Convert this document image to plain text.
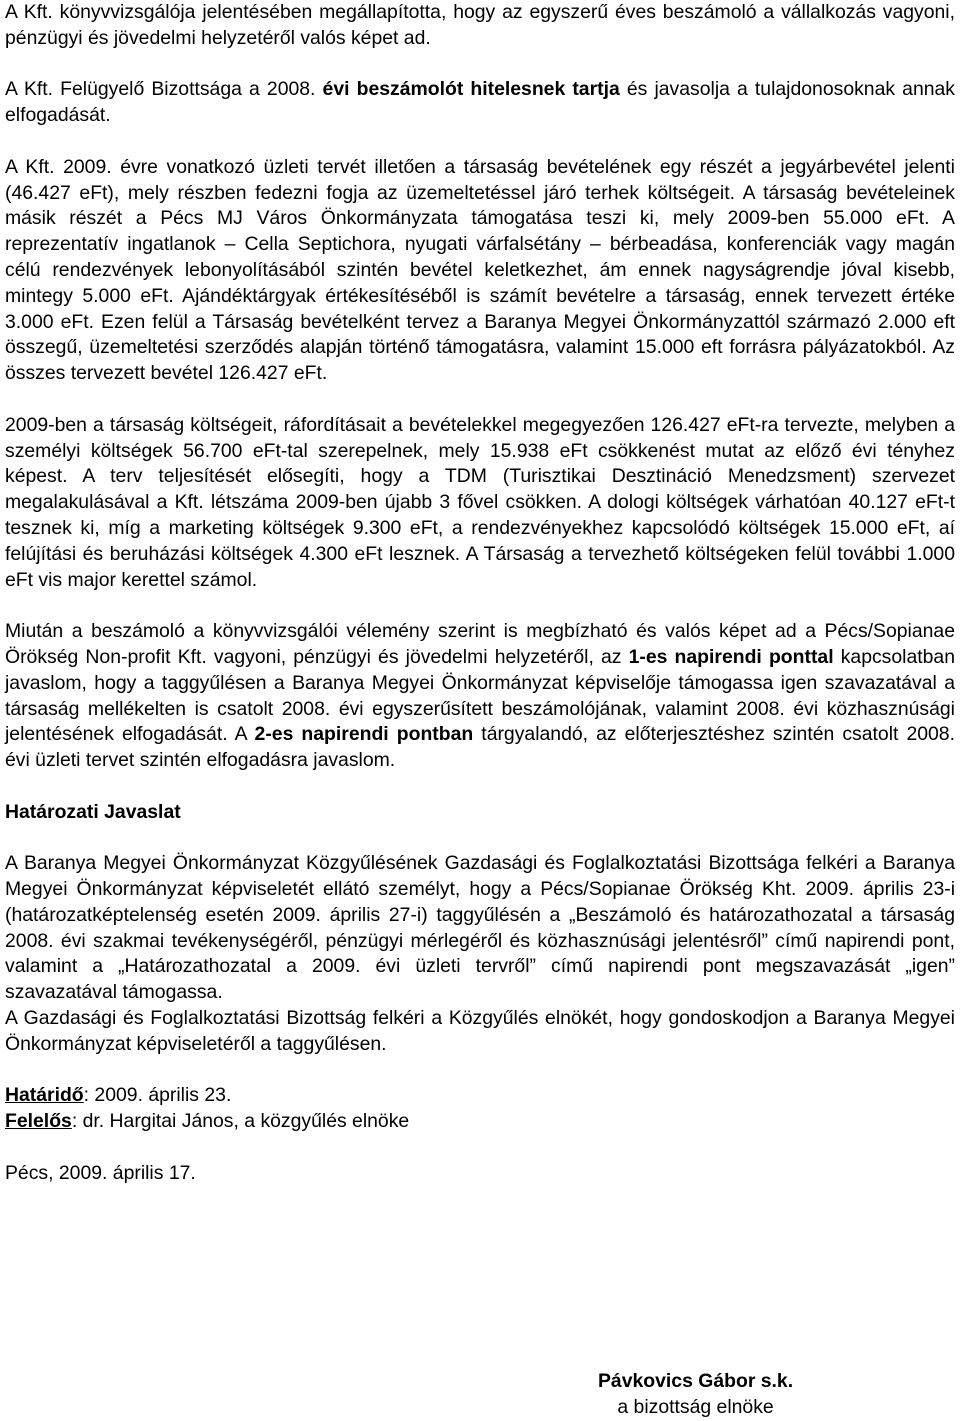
A Kft. könyvvizsgálója jelentésében megállapította, hogy az egyszerű éves beszámoló a vállalkozás vagyoni, pénzügyi és jövedelmi helyzetéről valós képet ad.

A Kft. Felügyelő Bizottsága a 2008. évi beszámolót hitelesnek tartja és javasolja a tulajdonosoknak annak elfogadását.

A Kft. 2009. évre vonatkozó üzleti tervét illetően a társaság bevételének egy részét a jegyárbevétel jelenti (46.427 eFt), mely részben fedezni fogja az üzemeltetéssel járó terhek költségeit. A társaság bevételeinek másik részét a Pécs MJ Város Önkormányzata támogatása teszi ki, mely 2009-ben 55.000 eFt. A reprezentatív ingatlanok – Cella Septichora, nyugati várfalsétány – bérbeadása, konferenciák vagy magán célú rendezvények lebonyolításából szintén bevétel keletkezhet, ám ennek nagyságrendje jóval kisebb, mintegy 5.000 eFt. Ajándéktárgyak értékesítéséből is számít bevételre a társaság, ennek tervezett értéke 3.000 eFt. Ezen felül a Társaság bevételként tervez a Baranya Megyei Önkormányzattól származó 2.000 eft összegű, üzemeltetési szerződés alapján történő támogatásra, valamint 15.000 eft forrásra pályázatokból. Az összes tervezett bevétel 126.427 eFt.

2009-ben a társaság költségeit, ráfordításait a bevételekkel megegyezően 126.427 eFt-ra tervezte, melyben a személyi költségek 56.700 eFt-tal szerepelnek, mely 15.938 eFt csökkenést mutat az előző évi tényhez képest. A terv teljesítését elősegíti, hogy a TDM (Turisztikai Desztináció Menedzsment) szervezet megalakulásával a Kft. létszáma 2009-ben újabb 3 fővel csökken. A dologi költségek várhatóan 40.127 eFt-t tesznek ki, míg a marketing költségek 9.300 eFt, a rendezvényekhez kapcsolódó költségek 15.000 eFt, aí felújítási és beruházási költségek 4.300 eFt lesznek. A Társaság a tervezhető költségeken felül további 1.000 eFt vis major kerettel számol.

Miután a beszámoló a könyvvizsgálói vélemény szerint is megbízható és valós képet ad a Pécs/Sopianae Örökség Non-profit Kft. vagyoni, pénzügyi és jövedelmi helyzetéről, az 1-es napirendi ponttal kapcsolatban javaslom, hogy a taggyűlésen a Baranya Megyei Önkormányzat képviselője támogassa igen szavazatával a társaság mellékelten is csatolt 2008. évi egyszerűsített beszámolójának, valamint 2008. évi közhasznúsági jelentésének elfogadását. A 2-es napirendi pontban tárgyalandó, az előterjesztéshez szintén csatolt 2008. évi üzleti tervet szintén elfogadásra javaslom.

Határozati Javaslat

A Baranya Megyei Önkormányzat Közgyűlésének Gazdasági és Foglalkoztatási Bizottsága felkéri a Baranya Megyei Önkormányzat képviseletét ellátó személyt, hogy a Pécs/Sopianae Örökség Kht. 2009. április 23-i (határozatképtelenség esetén 2009. április 27-i) taggyűlésén a „Beszámoló és határozathozatal a társaság 2008. évi szakmai tevékenységéről, pénzügyi mérlegéről és közhasznúsági jelentésről” című napirendi pont, valamint a „Határozathozatal a 2009. évi üzleti tervről” című napirendi pont megszavazását „igen” szavazatával támogassa.

A Gazdasági és Foglalkoztatási Bizottság felkéri a Közgyűlés elnökét, hogy gondoskodjon a Baranya Megyei Önkormányzat képviseletéről a taggyűlésen.

Határidő: 2009. április 23.

Felelős: dr. Hargitai János, a közgyűlés elnöke

Pécs, 2009. április 17.

Pávkovics Gábor s.k.
a bizottság elnöke
